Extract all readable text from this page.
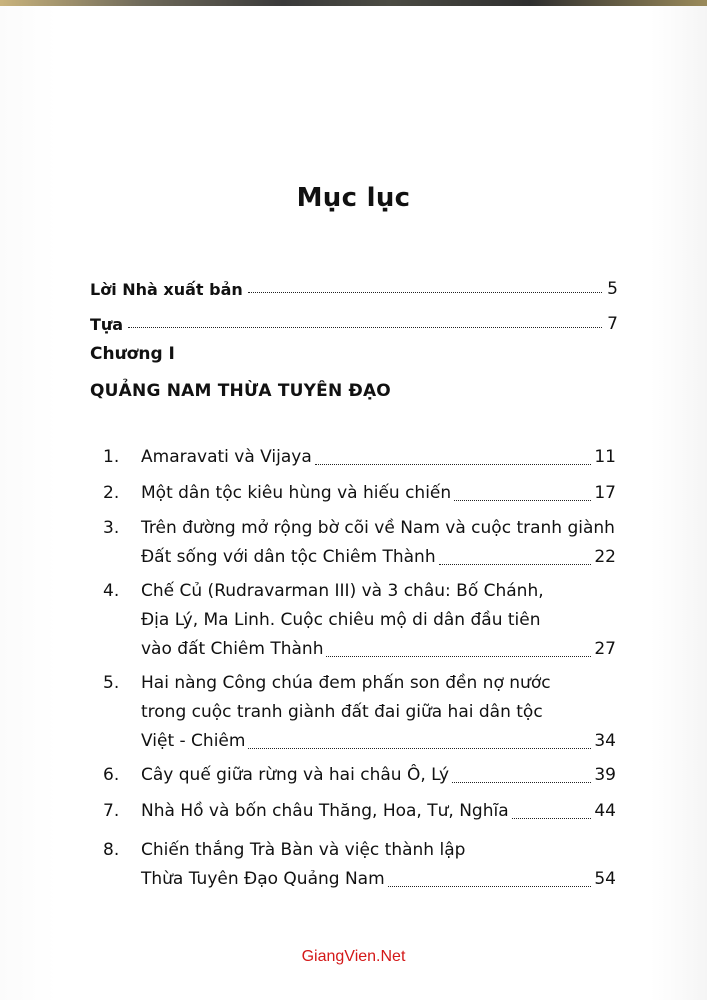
Mục lục
Lời Nhà xuất bản	5
Tựa	7
Chương I
QUẢNG NAM THỪA TUYÊN ĐẠO
1.	Amaravati và Vijaya	11
2.	Một dân tộc kiêu hùng và hiếu chiến	17
3.	Trên đường mở rộng bờ cõi về Nam và cuộc tranh giành
Đất sống với dân tộc Chiêm Thành	22
4.	Chế Củ (Rudravarman III) và 3 châu: Bố Chánh,
Địa Lý, Ma Linh. Cuộc chiêu mộ di dân đầu tiên
vào đất Chiêm Thành	27
5.	Hai nàng Công chúa đem phấn son đền nợ nước
trong cuộc tranh giành đất đai giữa hai dân tộc
Việt - Chiêm	34
6.	Cây quế giữa rừng và hai châu Ô, Lý	39
7.	Nhà Hồ và bốn châu Thăng, Hoa, Tư, Nghĩa	44
8.	Chiến thắng Trà Bàn và việc thành lập
Thừa Tuyên Đạo Quảng Nam	54
GiangVien.Net
